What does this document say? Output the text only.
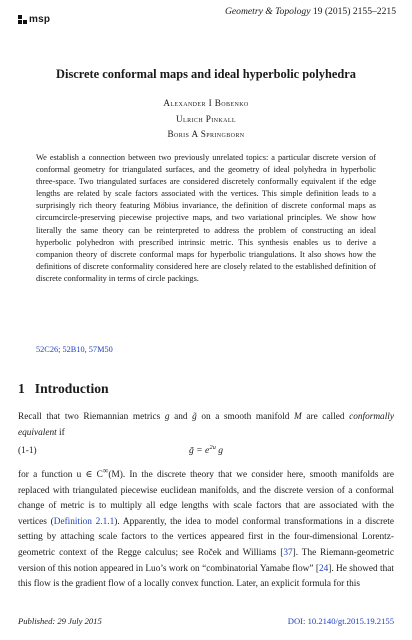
Geometry & Topology 19 (2015) 2155–2215
msp
Discrete conformal maps and ideal hyperbolic polyhedra
Alexander I Bobenko
Ulrich Pinkall
Boris A Springborn
We establish a connection between two previously unrelated topics: a particular discrete version of conformal geometry for triangulated surfaces, and the geometry of ideal polyhedra in hyperbolic three-space. Two triangulated surfaces are considered discretely conformally equivalent if the edge lengths are related by scale factors associated with the vertices. This simple definition leads to a surprisingly rich theory featuring Möbius invariance, the definition of discrete conformal maps as circumcircle-preserving piecewise projective maps, and two variational principles. We show how literally the same theory can be reinterpreted to address the problem of constructing an ideal hyperbolic polyhedron with prescribed intrinsic metric. This synthesis enables us to derive a companion theory of discrete conformal maps for hyperbolic triangulations. It also shows how the definitions of discrete conformality considered here are closely related to the established definition of discrete conformality in terms of circle packings.
52C26; 52B10, 57M50
1 Introduction
Recall that two Riemannian metrics g and g̃ on a smooth manifold M are called conformally equivalent if
(1-1)	g̃ = $e^{2u}$ g
for a function u ∈ C∞(M). In the discrete theory that we consider here, smooth manifolds are replaced with triangulated piecewise euclidean manifolds, and the discrete version of a conformal change of metric is to multiply all edge lengths with scale factors that are associated with the vertices (Definition 2.1.1). Apparently, the idea to model conformal transformations in a discrete setting by attaching scale factors to the vertices appeared first in the four-dimensional Lorentz-geometric context of the Regge calculus; see Roček and Williams [37]. The Riemann-geometric version of this notion appeared in Luo’s work on “combinatorial Yamabe flow” [24]. He showed that this flow is the gradient flow of a locally convex function. Later, an explicit formula for this
Published: 29 July 2015	DOI: 10.2140/gt.2015.19.2155
